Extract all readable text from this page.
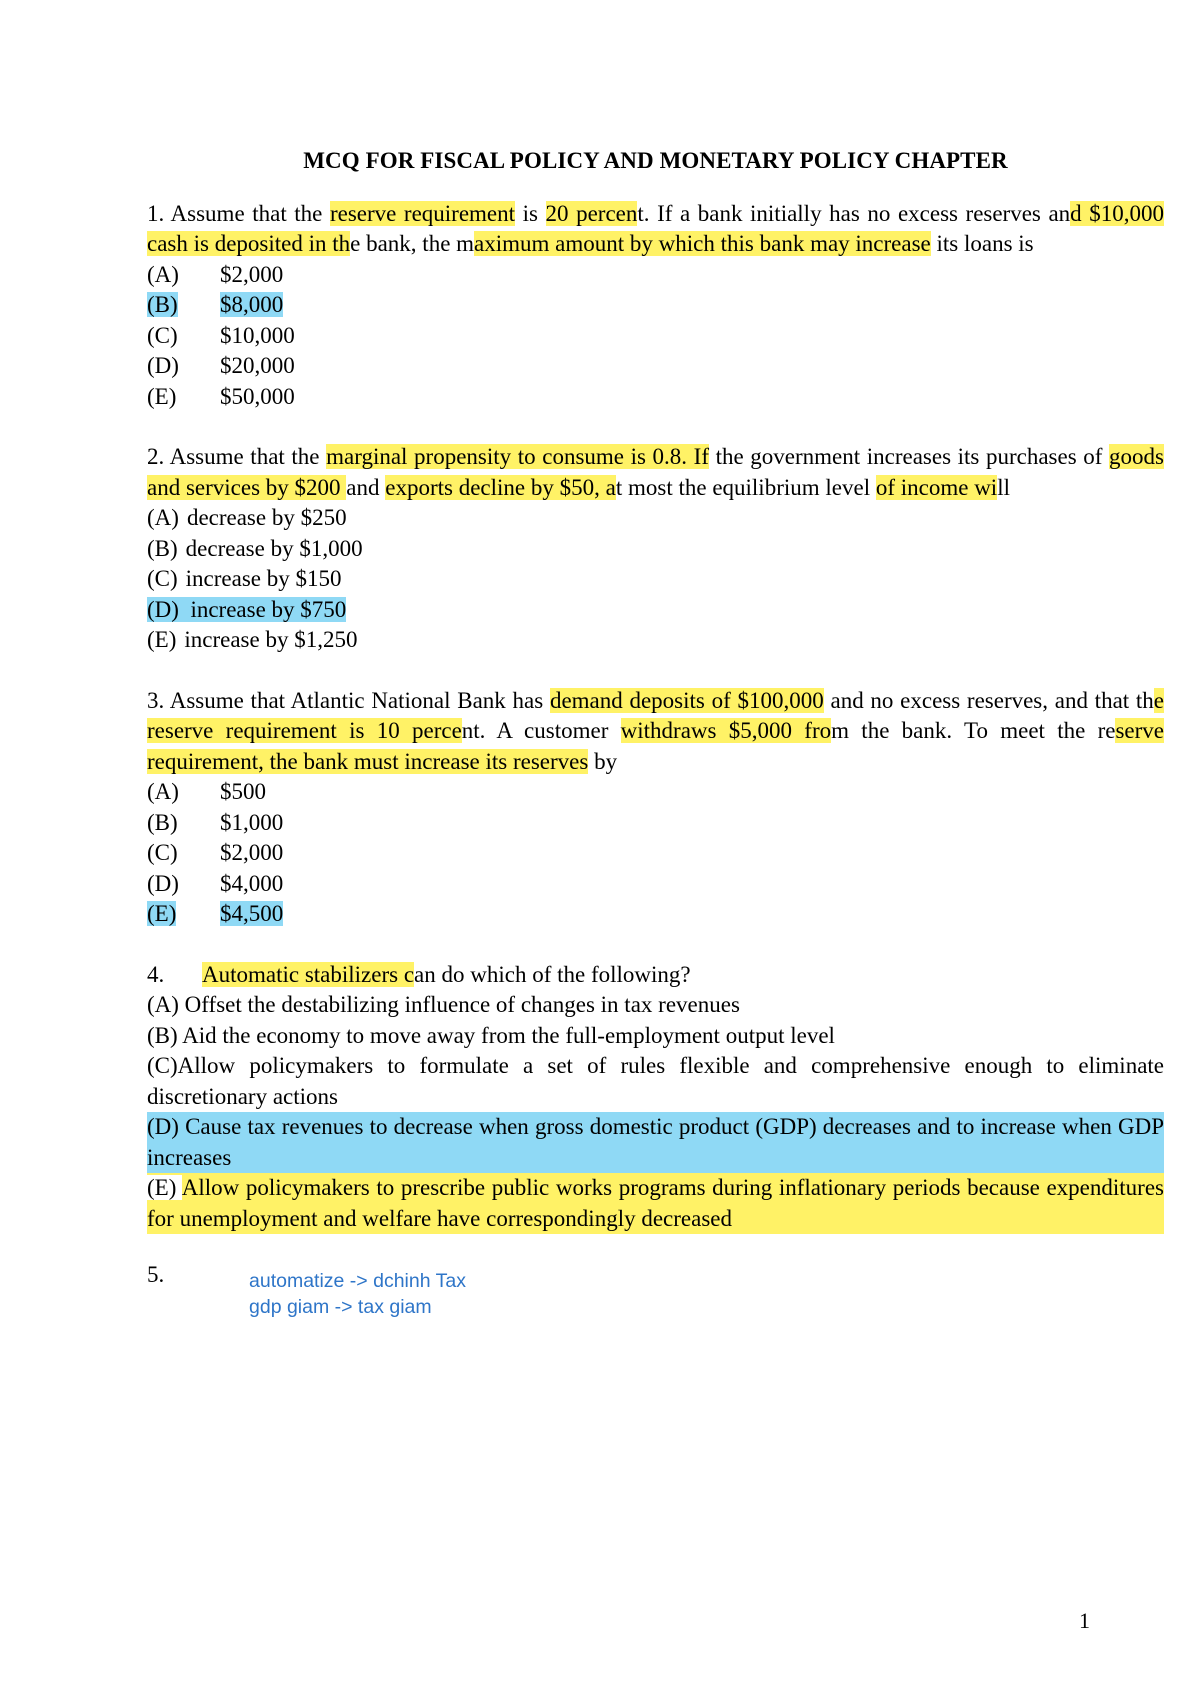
MCQ FOR FISCAL POLICY AND MONETARY POLICY CHAPTER

1. Assume that the reserve requirement is 20 percent. If a bank initially has no excess reserves and $10,000 cash is deposited in the bank, the maximum amount by which this bank may increase its loans is

(A) $2,000

(B) $8,000

(C) $10,000

(D) $20,000

(E) $50,000

2. Assume that the marginal propensity to consume is 0.8. If the government increases its purchases of goods and services by $200 and exports decline by $50, at most the equilibrium level of income will

(A) decrease by $250

(B) decrease by $1,000

(C) increase by $150

(D) increase by $750

(E) increase by $1,250

3. Assume that Atlantic National Bank has demand deposits of $100,000 and no excess reserves, and that the reserve requirement is 10 percent. A customer withdraws $5,000 from the bank. To meet the reserve requirement, the bank must increase its reserves by

(A) $500

(B) $1,000

(C) $2,000

(D) $4,000

(E) $4,500

4. Automatic stabilizers can do which of the following?

(A) Offset the destabilizing influence of changes in tax revenues

(B) Aid the economy to move away from the full-employment output level

(C)Allow policymakers to formulate a set of rules flexible and comprehensive enough to eliminate discretionary actions

(D) Cause tax revenues to decrease when gross domestic product (GDP) decreases and to increase when GDP increases

(E) Allow policymakers to prescribe public works programs during inflationary periods because expenditures for unemployment and welfare have correspondingly decreased

5.	automatize -> dchinh Tax
gdp giam -> tax giam
1
